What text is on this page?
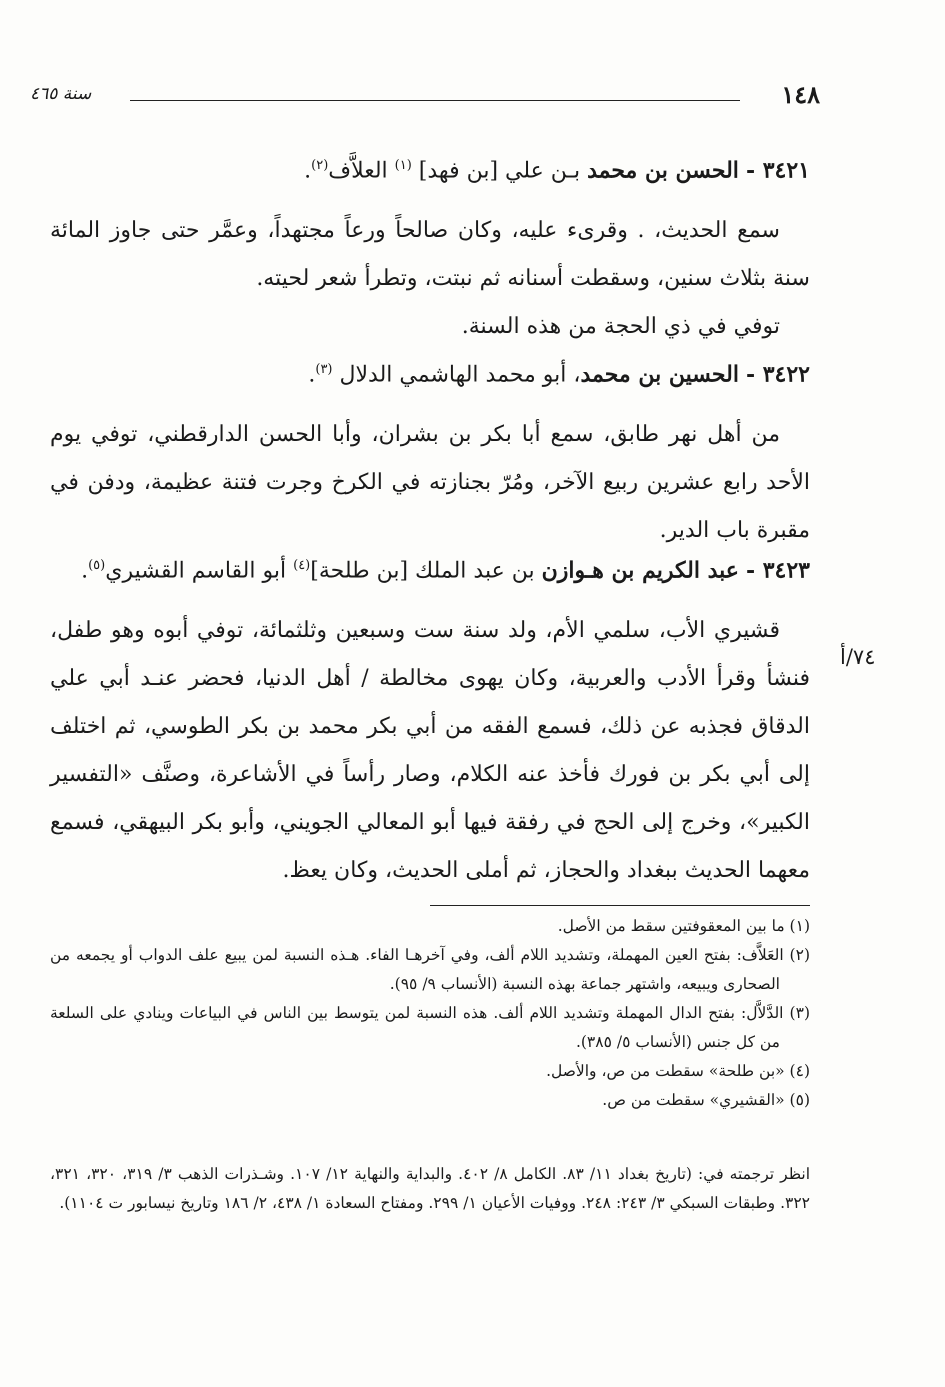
١٤٨
سنة ٤٦٥
٧٤/أ
٣٤٢١ - الحسن بن محمد بـن علي [بن فهد] $^{(١)}$ العلاَّف$^{(٢)}$.
سمع الحديث، . وقرىء عليه، وكان صالحاً ورعاً مجتهداً، وعمَّر حتى جاوز المائة سنة بثلاث سنين، وسقطت أسنانه ثم نبتت، وتطرأ شعر لحيته.
توفي في ذي الحجة من هذه السنة.
٣٤٢٢ - الحسين بن محمد، أبو محمد الهاشمي الدلال $^{(٣)}$.
من أهل نهر طابق، سمع أبا بكر بن بشران، وأبا الحسن الدارقطني، توفي يوم الأحد رابع عشرين ربيع الآخر، ومُرّ بجنازته في الكرخ وجرت فتنة عظيمة، ودفن في مقبرة باب الدير.
٣٤٢٣ - عبد الكريم بن هـوازن بن عبد الملك [بن طلحة]$^{(٤)}$ أبو القاسم القشيري$^{(٥)}$.
قشيري الأب، سلمي الأم، ولد سنة ست وسبعين وثلثمائة، توفي أبوه وهو طفل، فنشأ وقرأ الأدب والعربية، وكان يهوى مخالطة / أهل الدنيا، فحضر عنـد أبي علي الدقاق فجذبه عن ذلك، فسمع الفقه من أبي بكر محمد بن بكر الطوسي، ثم اختلف إلى أبي بكر بن فورك فأخذ عنه الكلام، وصار رأساً في الأشاعرة، وصنَّف «التفسير الكبير»، وخرج إلى الحج في رفقة فيها أبو المعالي الجويني، وأبو بكر البيهقي، فسمع معهما الحديث ببغداد والحجاز، ثم أملى الحديث، وكان يعظ.

(١) ما بين المعقوفتين سقط من الأصل.

(٢) العَلاَّف: بفتح العين المهملة، وتشديد اللام ألف، وفي آخرهـا الفاء. هـذه النسبة لمن يبيع علف الدواب أو يجمعه من الصحارى ويبيعه، واشتهر جماعة بهذه النسبة (الأنساب ٩/ ٩٥).

(٣) الدَّلاَّل: بفتح الدال المهملة وتشديد اللام ألف. هذه النسبة لمن يتوسط بين الناس في البياعات وينادي على السلعة من كل جنس (الأنساب ٥/ ٣٨٥).

(٤) «بن طلحة» سقطت من ص، والأصل.

(٥) «القشيري» سقطت من ص.

انظر ترجمته في: (تاريخ بغداد ١١/ ٨٣. الكامل ٨/ ٤٠٢. والبداية والنهاية ١٢/ ١٠٧. وشـذرات الذهب ٣/ ٣١٩، ٣٢٠، ٣٢١، ٣٢٢. وطبقات السبكي ٣/ ٢٤٣: ٢٤٨. ووفيات الأعيان ١/ ٢٩٩. ومفتاح السعادة ١/ ٤٣٨، ٢/ ١٨٦ وتاريخ نيسابور ت ١١٠٤).
